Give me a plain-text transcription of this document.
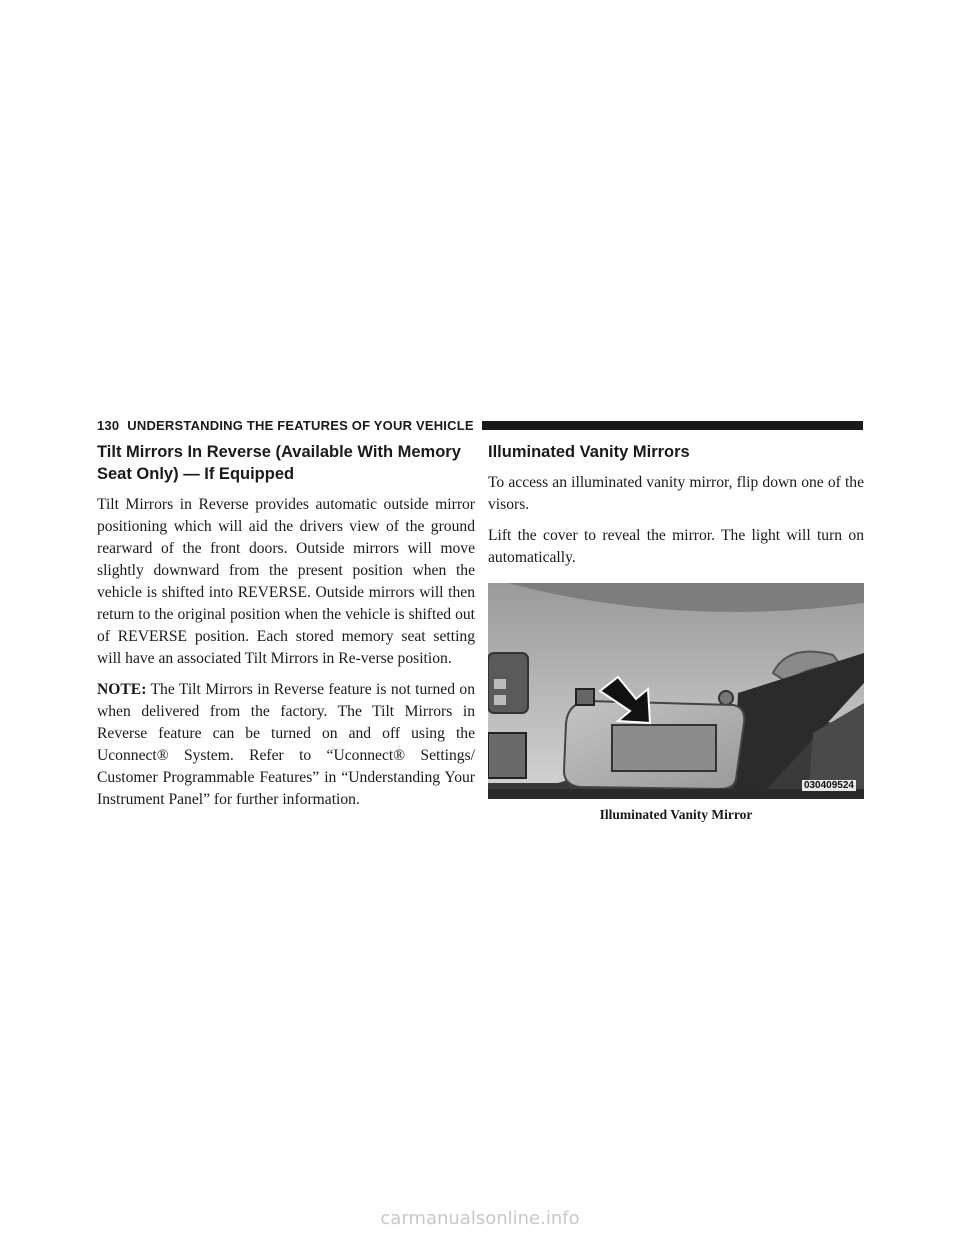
130 UNDERSTANDING THE FEATURES OF YOUR VEHICLE
Tilt Mirrors In Reverse (Available With Memory Seat Only) — If Equipped

Tilt Mirrors in Reverse provides automatic outside mirror positioning which will aid the drivers view of the ground rearward of the front doors. Outside mirrors will move slightly downward from the present position when the vehicle is shifted into REVERSE. Outside mirrors will then return to the original position when the vehicle is shifted out of REVERSE position. Each stored memory seat setting will have an associated Tilt Mirrors in Re-verse position.

NOTE: The Tilt Mirrors in Reverse feature is not turned on when delivered from the factory. The Tilt Mirrors in Reverse feature can be turned on and off using the Uconnect® System. Refer to “Uconnect® Settings/ Customer Programmable Features” in “Understanding Your Instrument Panel” for further information.

Illuminated Vanity Mirrors

To access an illuminated vanity mirror, flip down one of the visors.

Lift the cover to reveal the mirror. The light will turn on automatically.

030409524
Illuminated Vanity Mirror
carmanualsonline.info
